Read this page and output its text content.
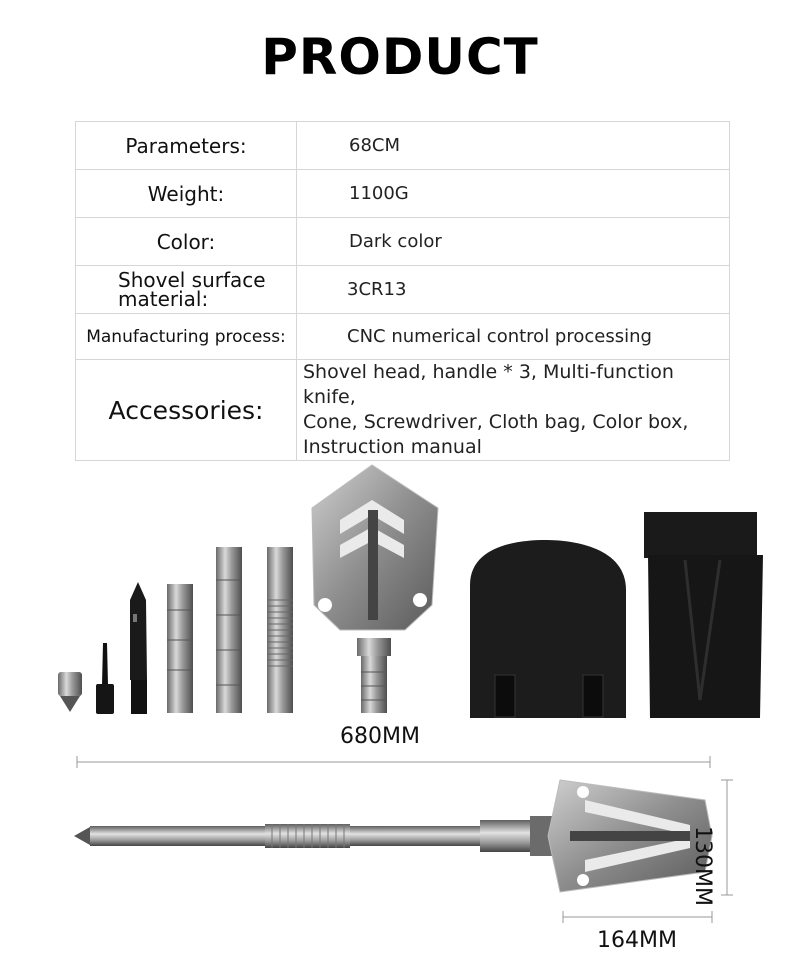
PRODUCT
Parameters:	68CM
Weight:	1100G
Color:	Dark color

Shovel surface
material:	3CR13
Manufacturing process:	CNC numerical control processing
Accessories:	Shovel head, handle * 3, Multi-function knife,
Cone, Screwdriver, Cloth bag, Color box,
Instruction manual
680MM
130MM
164MM
